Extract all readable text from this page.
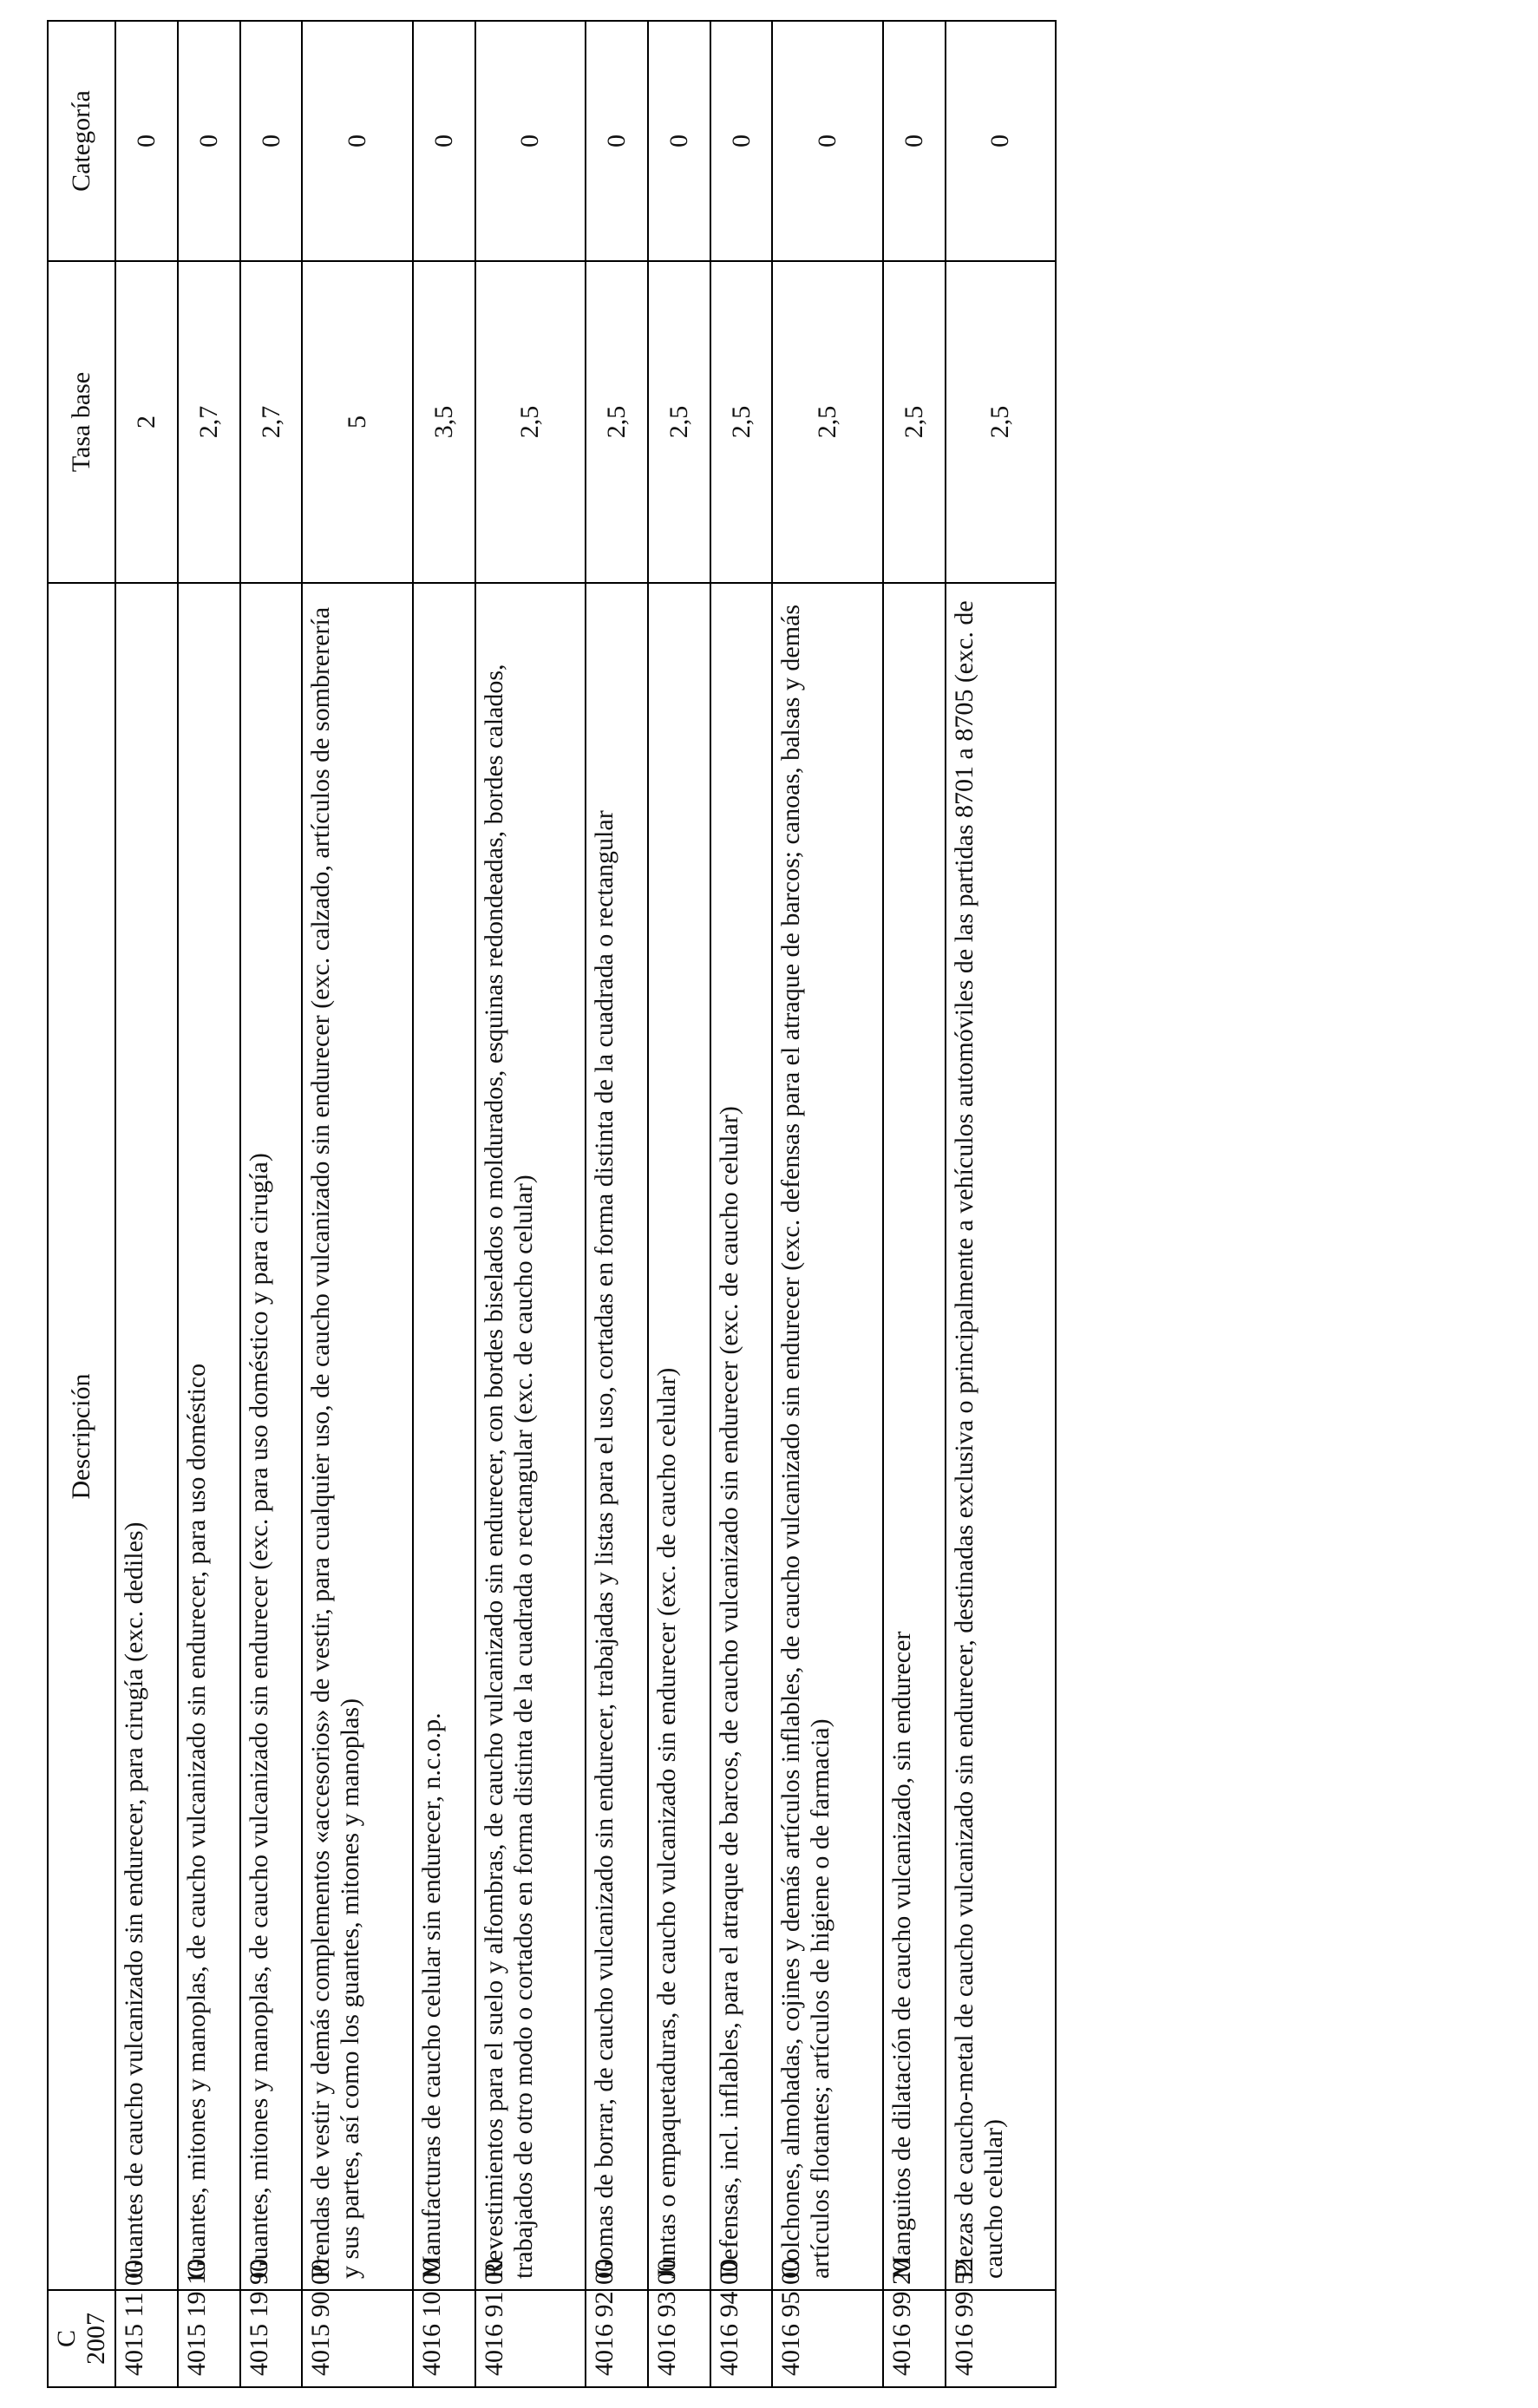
C 2007	Descripción	Tasa base	Categoría
4015 11 00	Guantes de caucho vulcanizado sin endurecer, para cirugía (exc. dediles)	2	0
4015 19 10	Guantes, mitones y manoplas, de caucho vulcanizado sin endurecer, para uso doméstico	2,7	0
4015 19 90	Guantes, mitones y manoplas, de caucho vulcanizado sin endurecer (exc. para uso doméstico y para cirugía)	2,7	0
4015 90 00	Prendas de vestir y demás complementos «accesorios» de vestir, para cualquier uso, de caucho vulcanizado sin endurecer (exc. calzado, artículos de sombrerería y sus partes, así como los guantes, mitones y manoplas)	5	0
4016 10 00	Manufacturas de caucho celular sin endurecer, n.c.o.p.	3,5	0
4016 91 00	Revestimientos para el suelo y alfombras, de caucho vulcanizado sin endurecer, con bordes biselados o moldurados, esquinas redondeadas, bordes calados, trabajados de otro modo o cortados en forma distinta de la cuadrada o rectangular (exc. de caucho celular)	2,5	0
4016 92 00	Gomas de borrar, de caucho vulcanizado sin endurecer, trabajadas y listas para el uso, cortadas en forma distinta de la cuadrada o rectangular	2,5	0
4016 93 00	Juntas o empaquetaduras, de caucho vulcanizado sin endurecer (exc. de caucho celular)	2,5	0
4016 94 00	Defensas, incl. inflables, para el atraque de barcos, de caucho vulcanizado sin endurecer (exc. de caucho celular)	2,5	0
4016 95 00	Colchones, almohadas, cojines y demás artículos inflables, de caucho vulcanizado sin endurecer (exc. defensas para el atraque de barcos; canoas, balsas y demás artículos flotantes; artículos de higiene o de farmacia)	2,5	0
4016 99 20	Manguitos de dilatación de caucho vulcanizado, sin endurecer	2,5	0
4016 99 52	Piezas de caucho-metal de caucho vulcanizado sin endurecer, destinadas exclusiva o principalmente a vehículos automóviles de las partidas 8701 a 8705 (exc. de caucho celular)	2,5	0
